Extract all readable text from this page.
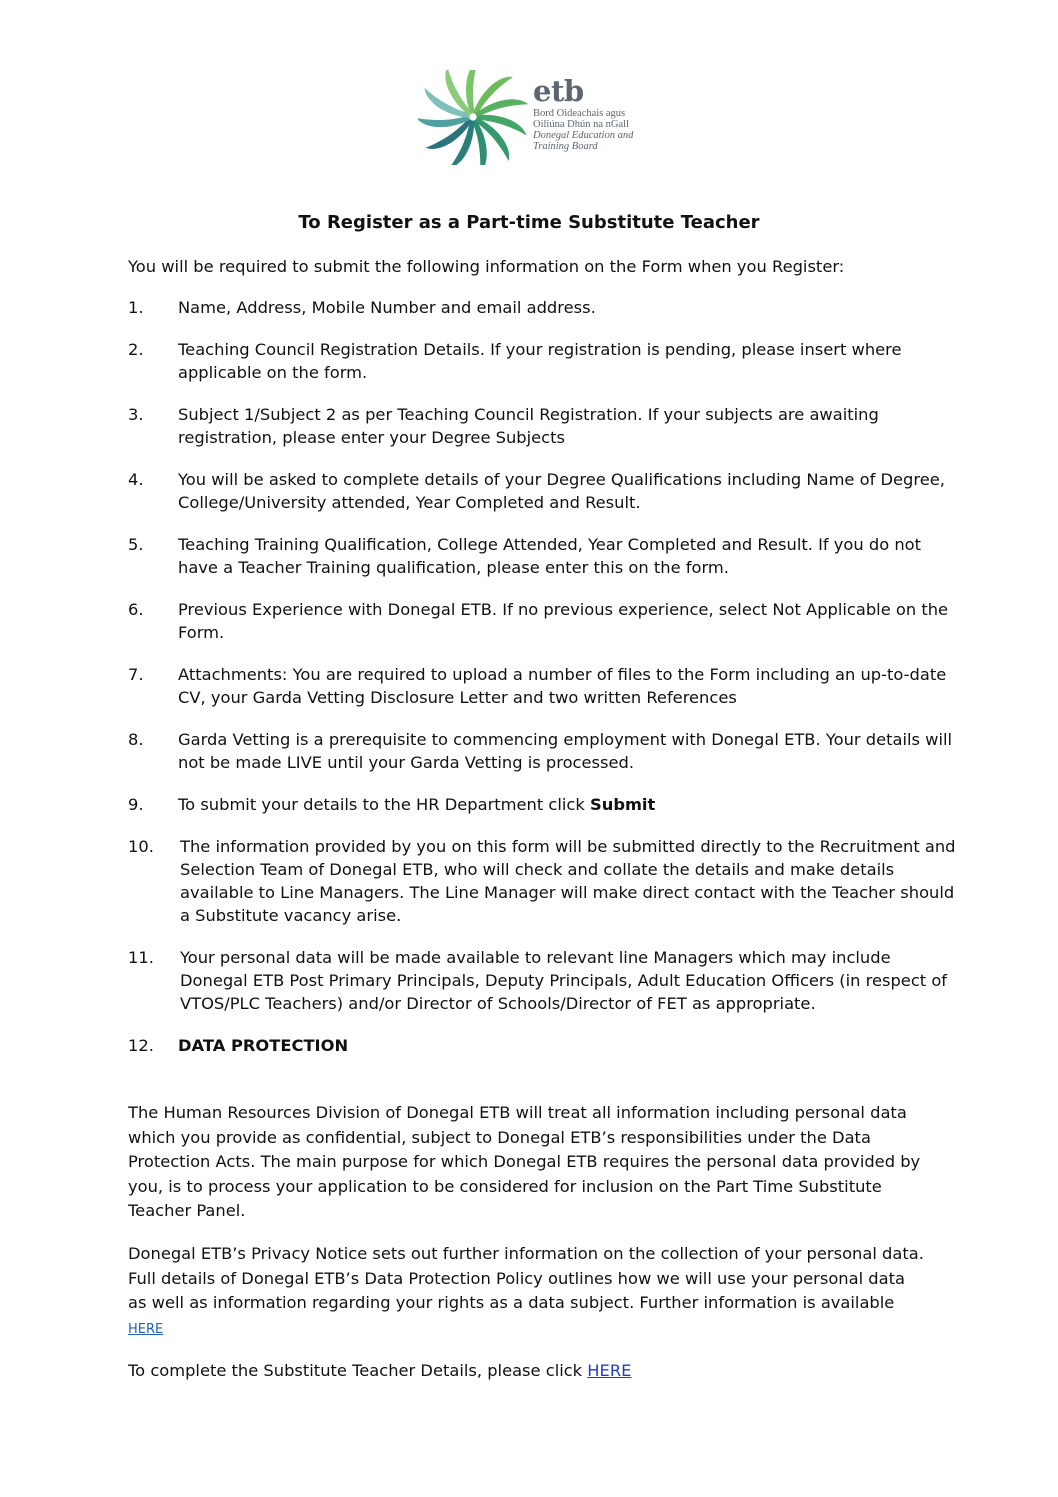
etb
Bord Oideachais agus
Oiliúna Dhún na nGall
Donegal Education and
Training Board
To Register as a Part-time Substitute Teacher

You will be required to submit the following information on the Form when you Register:

1.	Name, Address, Mobile Number and email address.
2.	Teaching Council Registration Details. If your registration is pending, please insert where applicable on the form.
3.	Subject 1/Subject 2 as per Teaching Council Registration. If your subjects are awaiting registration, please enter your Degree Subjects
4.	You will be asked to complete details of your Degree Qualifications including Name of Degree, College/University attended, Year Completed and Result.
5.	Teaching Training Qualification, College Attended, Year Completed and Result. If you do not have a Teacher Training qualification, please enter this on the form.
6.	Previous Experience with Donegal ETB. If no previous experience, select Not Applicable on the Form.
7.	Attachments: You are required to upload a number of files to the Form including an up-to-date CV, your Garda Vetting Disclosure Letter and two written References
8.	Garda Vetting is a prerequisite to commencing employment with Donegal ETB. Your details will not be made LIVE until your Garda Vetting is processed.
9.	To submit your details to the HR Department click Submit
10.	The information provided by you on this form will be submitted directly to the Recruitment and Selection Team of Donegal ETB, who will check and collate the details and make details available to Line Managers. The Line Manager will make direct contact with the Teacher should a Substitute vacancy arise.
11.	Your personal data will be made available to relevant line Managers which may include Donegal ETB Post Primary Principals, Deputy Principals, Adult Education Officers (in respect of VTOS/PLC Teachers) and/or Director of Schools/Director of FET as appropriate.
12.	DATA PROTECTION

The Human Resources Division of Donegal ETB will treat all information including personal data which you provide as confidential, subject to Donegal ETB’s responsibilities under the Data Protection Acts. The main purpose for which Donegal ETB requires the personal data provided by you, is to process your application to be considered for inclusion on the Part Time Substitute Teacher Panel.

Donegal ETB’s Privacy Notice sets out further information on the collection of your personal data. Full details of Donegal ETB’s Data Protection Policy outlines how we will use your personal data as well as information regarding your rights as a data subject. Further information is available HERE

To complete the Substitute Teacher Details, please click HERE
